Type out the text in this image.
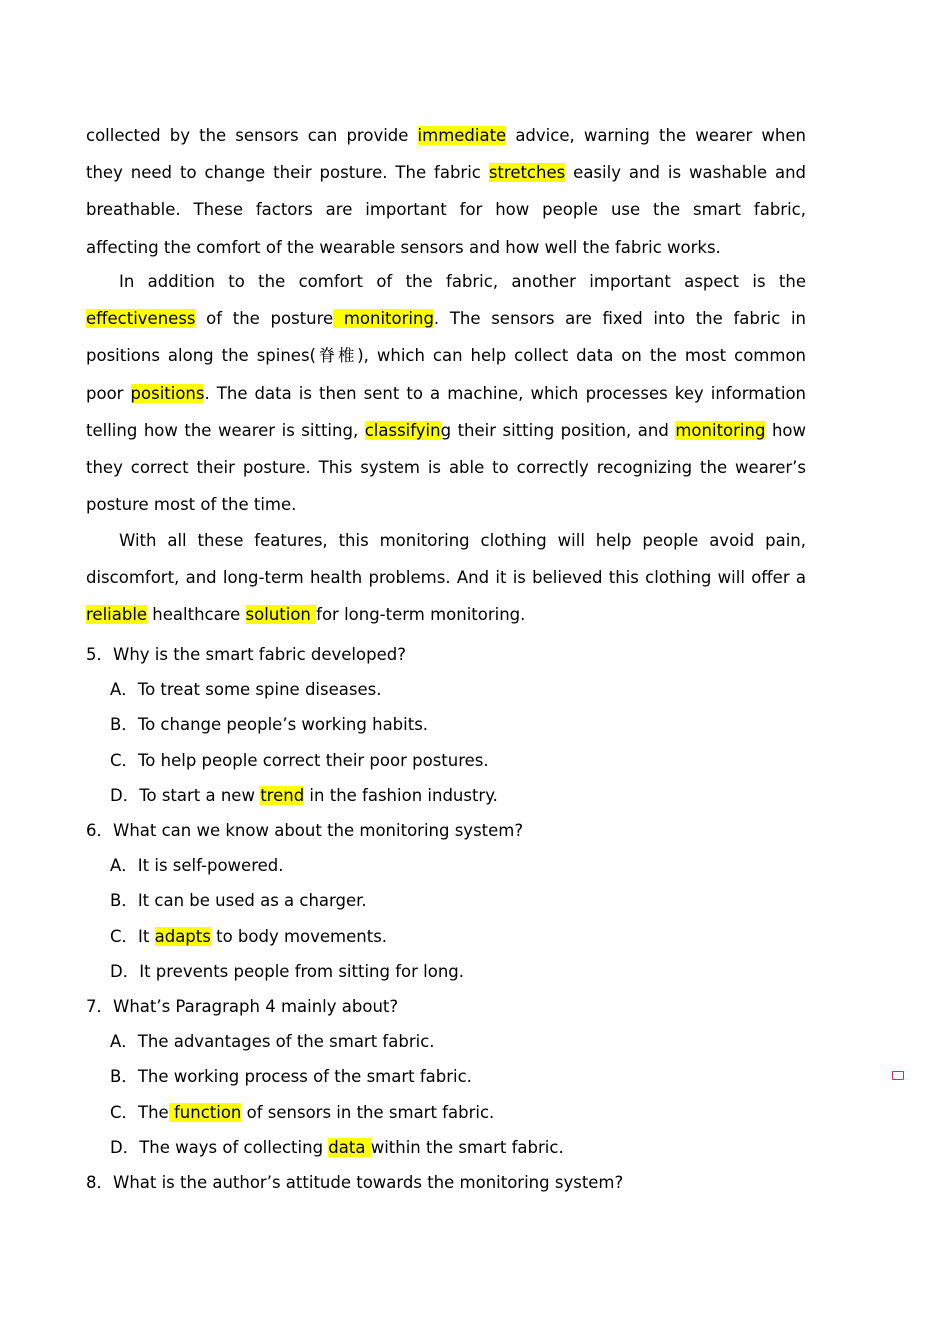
collected by the sensors can provide immediate advice, warning the wearer when
they need to change their posture. The fabric stretches easily and is washable and
breathable. These factors are important for how people use the smart fabric,
affecting the comfort of the wearable sensors and how well the fabric works.
In addition to the comfort of the fabric, another important aspect is the
effectiveness of the posture monitoring. The sensors are fixed into the fabric in
positions along the spines(脊椎), which can help collect data on the most common
poor positions. The data is then sent to a machine, which processes key information
telling how the wearer is sitting, classifying their sitting position, and monitoring how
they correct their posture. This system is able to correctly recognizing the wearer’s
posture most of the time.
With all these features, this monitoring clothing will help people avoid pain,
discomfort, and long-term health problems. And it is believed this clothing will offer a
reliable healthcare solution for long-term monitoring.
5．Why is the smart fabric developed?
A．To treat some spine diseases.
B．To change people’s working habits.
C．To help people correct their poor postures.
D．To start a new trend in the fashion industry.
6．What can we know about the monitoring system?
A．It is self-powered.
B．It can be used as a charger.
C．It adapts to body movements.
D．It prevents people from sitting for long.
7．What’s Paragraph 4 mainly about?
A．The advantages of the smart fabric.
B．The working process of the smart fabric.
C．The function of sensors in the smart fabric.
D．The ways of collecting data within the smart fabric.
8．What is the author’s attitude towards the monitoring system?
